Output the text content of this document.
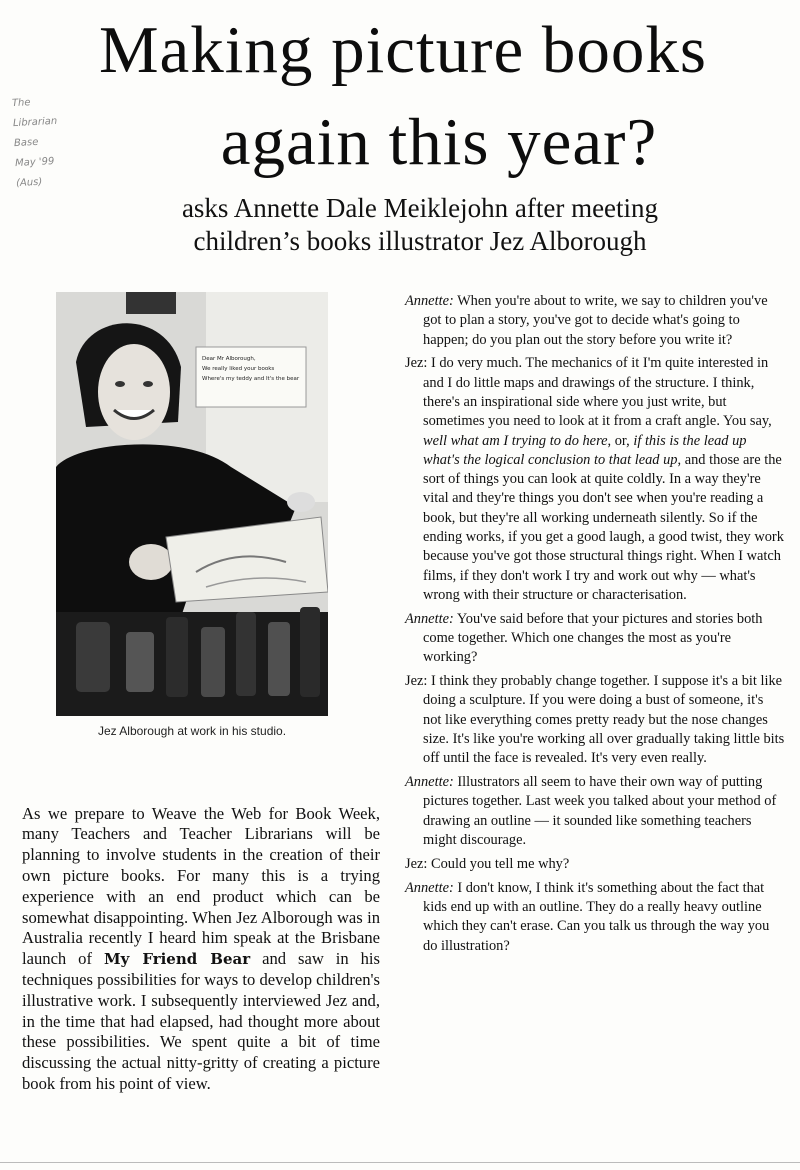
Making picture books
again this year?
The
Librarian
Base
May '99
(Aus)
asks Annette Dale Meiklejohn after meeting
children’s books illustrator Jez Alborough
Dear Mr Alborough,
We really liked your books
Where's my teddy and It's the bear
Jez Alborough at work in his studio.

As we prepare to Weave the Web for Book Week, many Teachers and Teacher Librarians will be planning to involve students in the creation of their own picture books. For many this is a trying experience with an end product which can be somewhat disappointing. When Jez Alborough was in Australia recently I heard him speak at the Brisbane launch of My Friend Bear and saw in his techniques possibilities for ways to develop children's illustrative work. I subsequently interviewed Jez and, in the time that had elapsed, had thought more about these possibilities. We spent quite a bit of time discussing the actual nitty-gritty of creating a picture book from his point of view.

Annette: When you're about to write, we say to children you've got to plan a story, you've got to decide what's going to happen; do you plan out the story before you write it?

Jez: I do very much. The mechanics of it I'm quite interested in and I do little maps and drawings of the structure. I think, there's an inspirational side where you just write, but sometimes you need to look at it from a craft angle. You say, well what am I trying to do here, or, if this is the lead up what's the logical conclusion to that lead up, and those are the sort of things you can look at quite coldly. In a way they're vital and they're things you don't see when you're reading a book, but they're all working underneath silently. So if the ending works, if you get a good laugh, a good twist, they work because you've got those structural things right. When I watch films, if they don't work I try and work out why — what's wrong with their structure or characterisation.

Annette: You've said before that your pictures and stories both come together. Which one changes the most as you're working?

Jez: I think they probably change together. I suppose it's a bit like doing a sculpture. If you were doing a bust of someone, it's not like everything comes pretty ready but the nose changes size. It's like you're working all over gradually taking little bits off until the face is revealed. It's very even really.

Annette: Illustrators all seem to have their own way of putting pictures together. Last week you talked about your method of drawing an outline — it sounded like something teachers might discourage.

Jez: Could you tell me why?

Annette: I don't know, I think it's something about the fact that kids end up with an outline. They do a really heavy outline which they can't erase. Can you talk us through the way you do illustration?
